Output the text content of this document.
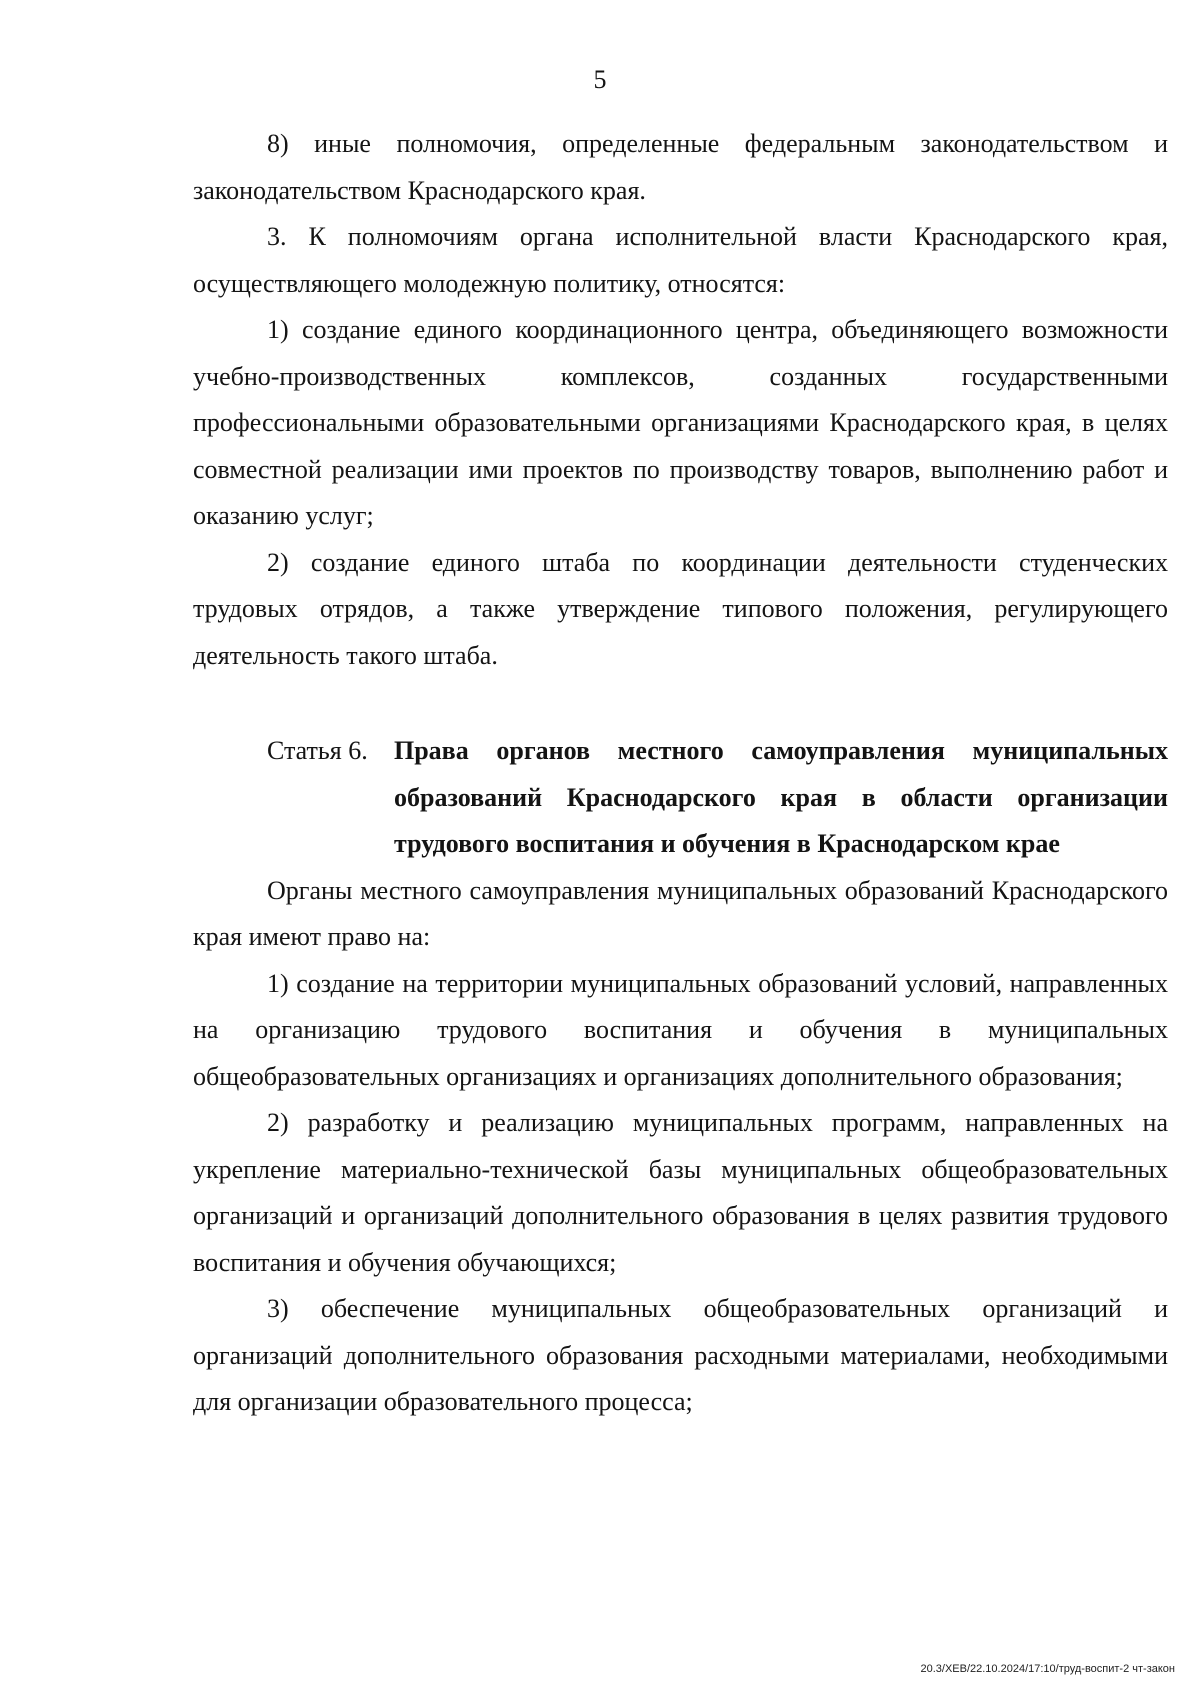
5

8) иные полномочия, определенные федеральным законодательством и законодательством Краснодарского края.

3. К полномочиям органа исполнительной власти Краснодарского края, осуществляющего молодежную политику, относятся:

1) создание единого координационного центра, объединяющего возможности учебно-производственных комплексов, созданных государственными профессиональными образовательными организациями Краснодарского края, в целях совместной реализации ими проектов по производству товаров, выполнению работ и оказанию услуг;

2) создание единого штаба по координации деятельности студенческих трудовых отрядов, а также утверждение типового положения, регулирующего деятельность такого штаба.

Статья 6. Права органов местного самоуправления муниципальных образований Краснодарского края в области организации трудового воспитания и обучения в Краснодарском крае

Органы местного самоуправления муниципальных образований Краснодарского края имеют право на:

1) создание на территории муниципальных образований условий, направленных на организацию трудового воспитания и обучения в муниципальных общеобразовательных организациях и организациях дополнительного образования;

2) разработку и реализацию муниципальных программ, направленных на укрепление материально-технической базы муниципальных общеобразовательных организаций и организаций дополнительного образования в целях развития трудового воспитания и обучения обучающихся;

3) обеспечение муниципальных общеобразовательных организаций и организаций дополнительного образования расходными материалами, необходимыми для организации образовательного процесса;

20.3/ХЕВ/22.10.2024/17:10/труд-воспит-2 чт-закон
